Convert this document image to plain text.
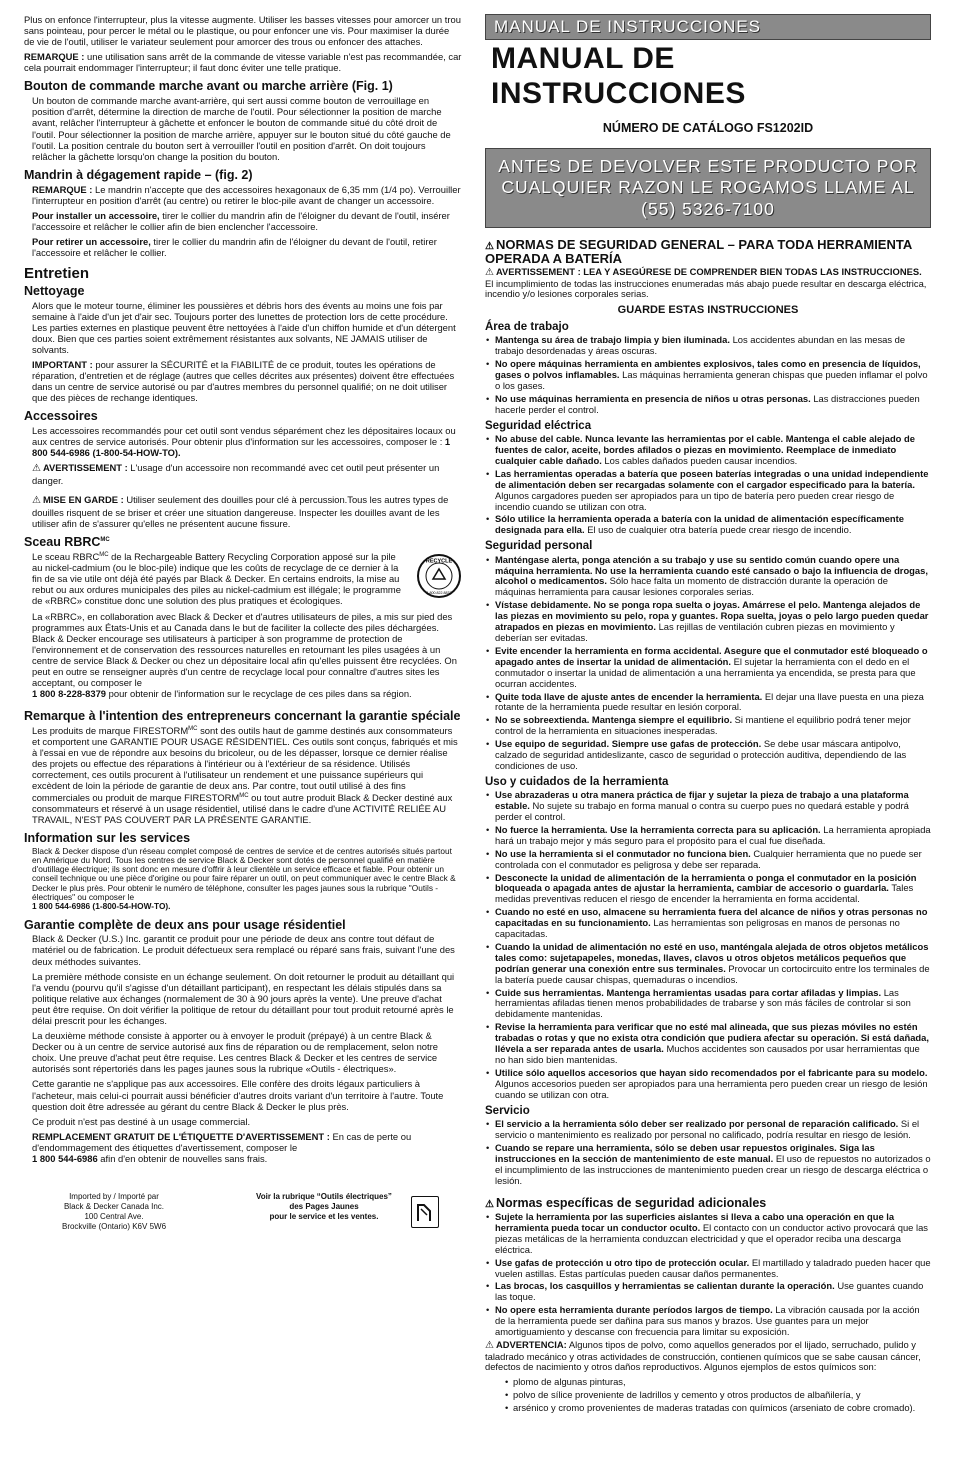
Plus on enfonce l'interrupteur, plus la vitesse augmente. Utiliser les basses vitesses pour amorcer un trou sans pointeau, pour percer le métal ou le plastique, ou pour enfoncer une vis. Pour maximiser la durée de vie de l'outil, utiliser le variateur seulement pour amorcer des trous ou enfoncer des attaches.

REMARQUE : une utilisation sans arrêt de la commande de vitesse variable n'est pas recommandée, car cela pourrait endommager l'interrupteur; il faut donc éviter une telle pratique.

Bouton de commande marche avant ou marche arrière (Fig. 1)

Un bouton de commande marche avant-arrière, qui sert aussi comme bouton de verrouillage en position d'arrêt, détermine la direction de marche de l'outil. Pour sélectionner la position de marche avant, relâcher l'interrupteur à gâchette et enfoncer le bouton de commande situé du côté droit de l'outil. Pour sélectionner la position de marche arrière, appuyer sur le bouton situé du côté gauche de l'outil. La position centrale du bouton sert à verrouiller l'outil en position d'arrêt. On doit toujours relâcher la gâchette lorsqu'on change la position du bouton.

Mandrin à dégagement rapide – (fig. 2)

REMARQUE : Le mandrin n'accepte que des accessoires hexagonaux de 6,35 mm (1/4 po). Verrouiller l'interrupteur en position d'arrêt (au centre) ou retirer le bloc-pile avant de changer un accessoire.

Pour installer un accessoire, tirer le collier du mandrin afin de l'éloigner du devant de l'outil, insérer l'accessoire et relâcher le collier afin de bien enclencher l'accessoire.

Pour retirer un accessoire, tirer le collier du mandrin afin de l'éloigner du devant de l'outil, retirer l'accessoire et relâcher le collier.

Entretien
Nettoyage

Alors que le moteur tourne, éliminer les poussières et débris hors des évents au moins une fois par semaine à l'aide d'un jet d'air sec. Toujours porter des lunettes de protection lors de cette procédure. Les parties externes en plastique peuvent être nettoyées à l'aide d'un chiffon humide et d'un détergent doux. Bien que ces parties soient extrêmement résistantes aux solvants, NE JAMAIS utiliser de solvants.

IMPORTANT : pour assurer la SÉCURITÉ et la FIABILITÉ de ce produit, toutes les opérations de réparation, d'entretien et de réglage (autres que celles décrites aux présentes) doivent être effectuées dans un centre de service autorisé ou par d'autres membres du personnel qualifié; on ne doit utiliser que des pièces de rechange identiques.

Accessoires

Les accessoires recommandés pour cet outil sont vendus séparément chez les dépositaires locaux ou aux centres de service autorisés. Pour obtenir plus d'information sur les accessoires, composer le : 1 800 544-6986 (1-800-54-HOW-TO).

⚠ AVERTISSEMENT : L'usage d'un accessoire non recommandé avec cet outil peut présenter un danger.

⚠ MISE EN GARDE : Utiliser seulement des douilles pour clé à percussion.Tous les autres types de douilles risquent de se briser et créer une situation dangereuse. Inspecter les douilles avant de les utiliser afin de s'assurer qu'elles ne présentent aucune fissure.

Sceau $RBRC^{MC}$
RECYCLE
1.800.822.8837

Le sceau $RBRC^{MC}$ de la Rechargeable Battery Recycling Corporation apposé sur la pile au nickel-cadmium (ou le bloc-pile) indique que les coûts de recyclage de ce dernier à la fin de sa vie utile ont déjà été payés par Black & Decker. En certains endroits, la mise au rebut ou aux ordures municipales des piles au nickel-cadmium est illégale; le programme de «RBRC» constitue donc une solution des plus pratiques et écologiques.

La «RBRC», en collaboration avec Black & Decker et d'autres utilisateurs de piles, a mis sur pied des programmes aux États-Unis et au Canada dans le but de faciliter la collecte des piles déchargées. Black & Decker encourage ses utilisateurs à participer à son programme de protection de l'environnement et de conservation des ressources naturelles en retournant les piles usagées à un centre de service Black & Decker ou chez un dépositaire local afin qu'elles puissent être recyclées. On peut en outre se renseigner auprès d'un centre de recyclage local pour connaître d'autres sites les acceptant, ou composer le
1 800 8-228-8379 pour obtenir de l'information sur le recyclage de ces piles dans sa région.

Remarque à l'intention des entrepreneurs concernant la garantie spéciale

Les produits de marque $FIRESTORM^{MC}$ sont des outils haut de gamme destinés aux consommateurs et comportent une GARANTIE POUR USAGE RÉSIDENTIEL. Ces outils sont conçus, fabriqués et mis à l'essai en vue de répondre aux besoins du bricoleur, ou de les dépasser, lorsque ce dernier réalise des projets ou effectue des réparations à l'intérieur ou à l'extérieur de sa résidence. Utilisés correctement, ces outils procurent à l'utilisateur un rendement et une puissance supérieurs qui excèdent de loin la période de garantie de deux ans. Par contre, tout outil utilisé à des fins commerciales ou produit de marque $FIRESTORM^{MC}$ ou tout autre produit Black & Decker destiné aux consommateurs et réservé à un usage résidentiel, utilisé dans le cadre d'une ACTIVITÉ RELIÉE AU TRAVAIL, N'EST PAS COUVERT PAR LA PRÉSENTE GARANTIE.

Information sur les services

Black & Decker dispose d'un réseau complet composé de centres de service et de centres autorisés situés partout en Amérique du Nord. Tous les centres de service Black & Decker sont dotés de personnel qualifié en matière d'outillage électrique; ils sont donc en mesure d'offrir à leur clientèle un service efficace et fiable. Pour obtenir un conseil technique ou une pièce d'origine ou pour faire réparer un outil, on peut communiquer avec le centre Black & Decker le plus près. Pour obtenir le numéro de téléphone, consulter les pages jaunes sous la rubrique "Outils - électriques" ou composer le
1 800 544-6986 (1-800-54-HOW-TO).

Garantie complète de deux ans pour usage résidentiel

Black & Decker (U.S.) Inc. garantit ce produit pour une période de deux ans contre tout défaut de matériel ou de fabrication. Le produit défectueux sera remplacé ou réparé sans frais, suivant l'une des deux méthodes suivantes.

La première méthode consiste en un échange seulement. On doit retourner le produit au détaillant qui l'a vendu (pourvu qu'il s'agisse d'un détaillant participant), en respectant les délais stipulés dans sa politique relative aux échanges (normalement de 30 à 90 jours après la vente). Une preuve d'achat peut être requise. On doit vérifier la politique de retour du détaillant pour tout produit retourné après le délai prescrit pour les échanges.

La deuxième méthode consiste à apporter ou à envoyer le produit (prépayé) à un centre Black & Decker ou à un centre de service autorisé aux fins de réparation ou de remplacement, selon notre choix. Une preuve d'achat peut être requise. Les centres Black & Decker et les centres de service autorisés sont répertoriés dans les pages jaunes sous la rubrique «Outils - électriques».

Cette garantie ne s'applique pas aux accessoires. Elle confère des droits légaux particuliers à l'acheteur, mais celui-ci pourrait aussi bénéficier d'autres droits variant d'un territoire à l'autre. Toute question doit être adressée au gérant du centre Black & Decker le plus près.

Ce produit n'est pas destiné à un usage commercial.

REMPLACEMENT GRATUIT DE L'ÉTIQUETTE D'AVERTISSEMENT : En cas de perte ou d'endommagement des étiquettes d'avertissement, composer le
1 800 544-6986 afin d'en obtenir de nouvelles sans frais.

Imported by / Importé par
Black & Decker Canada Inc.
100 Central Ave.
Brockville (Ontario) K6V 5W6
Voir la rubrique “Outils électriques”
des Pages Jaunes
pour le service et les ventes.
MANUAL DE INSTRUCCIONES
MANUAL DE INSTRUCCIONES
NÚMERO DE CATÁLOGO FS1202ID
ANTES DE DEVOLVER ESTE PRODUCTO POR
CUALQUIER RAZON LE ROGAMOS LLAME AL
(55) 5326-7100
⚠ NORMAS DE SEGURIDAD GENERAL – PARA TODA HERRAMIENTA OPERADA A BATERÍA

⚠ AVERTISSEMENT : LEA Y ASEGÚRESE DE COMPRENDER BIEN TODAS LAS INSTRUCCIONES. El incumplimiento de todas las instrucciones enumeradas más abajo puede resultar en descarga eléctrica, incendio y/o lesiones corporales serias.

GUARDE ESTAS INSTRUCCIONES
Área de trabajo
• Mantenga su área de trabajo limpia y bien iluminada. Los accidentes abundan en las mesas de trabajo desordenadas y áreas oscuras.
• No opere máquinas herramienta en ambientes explosivos, tales como en presencia de líquidos, gases o polvos inflamables. Las máquinas herramienta generan chispas que pueden inflamar el polvo o los gases.
• No use máquinas herramienta en presencia de niños u otras personas. Las distracciones pueden hacerle perder el control.
Seguridad eléctrica
• No abuse del cable. Nunca levante las herramientas por el cable. Mantenga el cable alejado de fuentes de calor, aceite, bordes afilados o piezas en movimiento. Reemplace de inmediato cualquier cable dañado. Los cables dañados pueden causar incendios.
• Las herramientas operadas a batería que poseen baterías integradas o una unidad independiente de alimentación deben ser recargadas solamente con el cargador especificado para la batería. Algunos cargadores pueden ser apropiados para un tipo de batería pero pueden crear riesgo de incendio cuando se utilizan con otra.
• Sólo utilice la herramienta operada a batería con la unidad de alimentación específicamente designada para ella. El uso de cualquier otra batería puede crear riesgo de incendio.
Seguridad personal
• Manténgase alerta, ponga atención a su trabajo y use su sentido común cuando opere una máquina herramienta. No use la herramienta cuando esté cansado o bajo la influencia de drogas, alcohol o medicamentos. Sólo hace falta un momento de distracción durante la operación de máquinas herramienta para causar lesiones corporales serias.
• Vístase debidamente. No se ponga ropa suelta o joyas. Amárrese el pelo. Mantenga alejados de las piezas en movimiento su pelo, ropa y guantes. Ropa suelta, joyas o pelo largo pueden quedar atrapados en piezas en movimiento. Las rejillas de ventilación cubren piezas en movimiento y deberían ser evitadas.
• Evite encender la herramienta en forma accidental. Asegure que el conmutador esté bloqueado o apagado antes de insertar la unidad de alimentación. El sujetar la herramienta con el dedo en el conmutador o insertar la unidad de alimentación a una herramienta ya encendida, se presta para que ocurran accidentes.
• Quite toda llave de ajuste antes de encender la herramienta. El dejar una llave puesta en una pieza rotante de la herramienta puede resultar en lesión corporal.
• No se sobreextienda. Mantenga siempre el equilibrio. Si mantiene el equilibrio podrá tener mejor control de la herramienta en situaciones inesperadas.
• Use equipo de seguridad. Siempre use gafas de protección. Se debe usar máscara antipolvo, calzado de seguridad antideslizante, casco de seguridad o protección auditiva, dependiendo de las condiciones de uso.
Uso y cuidados de la herramienta
• Use abrazaderas u otra manera práctica de fijar y sujetar la pieza de trabajo a una plataforma estable. No sujete su trabajo en forma manual o contra su cuerpo pues no quedará estable y podrá perder el control.
• No fuerce la herramienta. Use la herramienta correcta para su aplicación. La herramienta apropiada hará un trabajo mejor y más seguro para el propósito para el cual fue diseñada.
• No use la herramienta si el conmutador no funciona bien. Cualquier herramienta que no puede ser controlada con el conmutador es peligrosa y debe ser reparada.
• Desconecte la unidad de alimentación de la herramienta o ponga el conmutador en la posición bloqueada o apagada antes de ajustar la herramienta, cambiar de accesorio o guardarla. Tales medidas preventivas reducen el riesgo de encender la herramienta en forma accidental.
• Cuando no esté en uso, almacene su herramienta fuera del alcance de niños y otras personas no capacitadas en su funcionamiento. Las herramientas son peligrosas en manos de personas no capacitadas.
• Cuando la unidad de alimentación no esté en uso, manténgala alejada de otros objetos metálicos tales como: sujetapapeles, monedas, llaves, clavos u otros objetos metálicos pequeños que podrían generar una conexión entre sus terminales. Provocar un cortocircuito entre los terminales de la batería puede causar chispas, quemaduras o incendios.
• Cuide sus herramientas. Mantenga herramientas usadas para cortar afiladas y limpias. Las herramientas afiladas tienen menos probabilidades de trabarse y son más fáciles de controlar si son debidamente mantenidas.
• Revise la herramienta para verificar que no esté mal alineada, que sus piezas móviles no estén trabadas o rotas y que no exista otra condición que pudiera afectar su operación. Si está dañada, llévela a ser reparada antes de usarla. Muchos accidentes son causados por usar herramientas que no han sido bien mantenidas.
• Utilice sólo aquellos accesorios que hayan sido recomendados por el fabricante para su modelo. Algunos accesorios pueden ser apropiados para una herramienta pero pueden crear un riesgo de lesión cuando se utilizan con otra.
Servicio
• El servicio a la herramienta sólo deber ser realizado por personal de reparación calificado. Si el servicio o mantenimiento es realizado por personal no calificado, podría resultar en riesgo de lesión.
• Cuando se repare una herramienta, sólo se deben usar repuestos originales. Siga las instrucciones en la sección de mantenimiento de este manual. El uso de repuestos no autorizados o el incumplimiento de las instrucciones de mantenimiento pueden crear un riesgo de descarga eléctrica o lesión.
⚠ Normas específicas de seguridad adicionales
• Sujete la herramienta por las superficies aislantes si lleva a cabo una operación en que la herramienta pueda tocar un conductor oculto. El contacto con un conductor activo provocará que las piezas metálicas de la herramienta conduzcan electricidad y que el operador reciba una descarga eléctrica.
• Use gafas de protección u otro tipo de protección ocular. El martillado y taladrado pueden hacer que vuelen astillas. Estas partículas pueden causar daños permanentes.
• Las brocas, los casquillos y herramientas se calientan durante la operación. Use guantes cuando las toque.
• No opere esta herramienta durante períodos largos de tiempo. La vibración causada por la acción de la herramienta puede ser dañina para sus manos y brazos. Use guantes para un mejor amortiguamiento y descanse con frecuencia para limitar su exposición.

⚠ ADVERTENCIA: Algunos tipos de polvo, como aquellos generados por el lijado, serruchado, pulido y taladrado mecánico y otras actividades de construcción, contienen químicos que se sabe causan cáncer, defectos de nacimiento y otros daños reproductivos. Algunos ejemplos de estos químicos son:

• plomo de algunas pinturas,
• polvo de sílice proveniente de ladrillos y cemento y otros productos de albañilería, y
• arsénico y cromo provenientes de maderas tratadas con químicos (arseniato de cobre cromado).
